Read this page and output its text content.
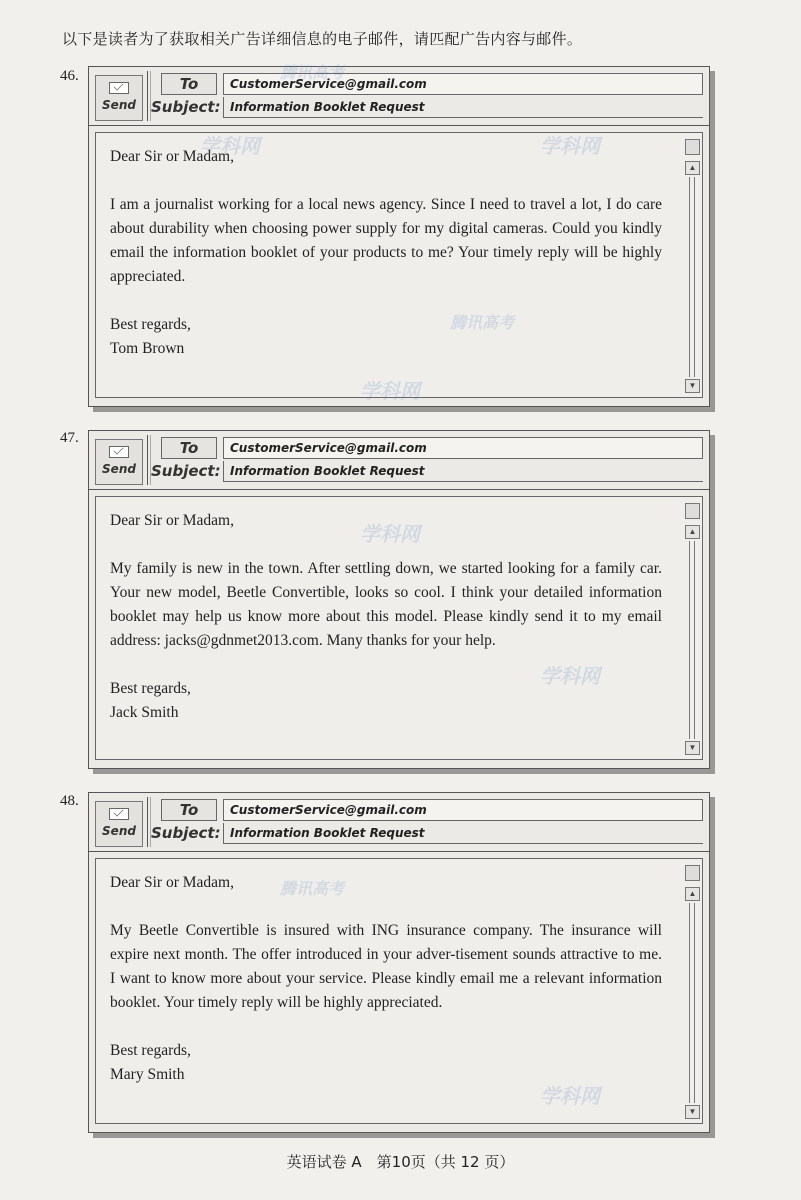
以下是读者为了获取相关广告详细信息的电子邮件，请匹配广告内容与邮件。
46.
Send
To	CustomerService@gmail.com
Subject: Information Booklet Request

Dear Sir or Madam,

I am a journalist working for a local news agency. Since I need to travel a lot, I do care about durability when choosing power supply for my digital cameras. Could you kindly email the information booklet of your products to me? Your timely reply will be highly appreciated.

Best regards,

Tom Brown

▲
▼
47.
Send
To	CustomerService@gmail.com
Subject: Information Booklet Request

Dear Sir or Madam,

My family is new in the town. After settling down, we started looking for a family car. Your new model, Beetle Convertible, looks so cool. I think your detailed information booklet may help us know more about this model. Please kindly send it to my email address: jacks@gdnmet2013.com. Many thanks for your help.

Best regards,

Jack Smith

▲
▼
48.
Send
To	CustomerService@gmail.com
Subject: Information Booklet Request

Dear Sir or Madam,

My Beetle Convertible is insured with ING insurance company. The insurance will expire next month. The offer introduced in your adver-tisement sounds attractive to me. I want to know more about your service. Please kindly email me a relevant information booklet. Your timely reply will be highly appreciated.

Best regards,

Mary Smith

▲
▼
学科网	学科网
腾讯高考
腾讯高考
学科网
学科网
学科网
腾讯高考
学科网
英语试卷 A　第10页（共 12 页）
